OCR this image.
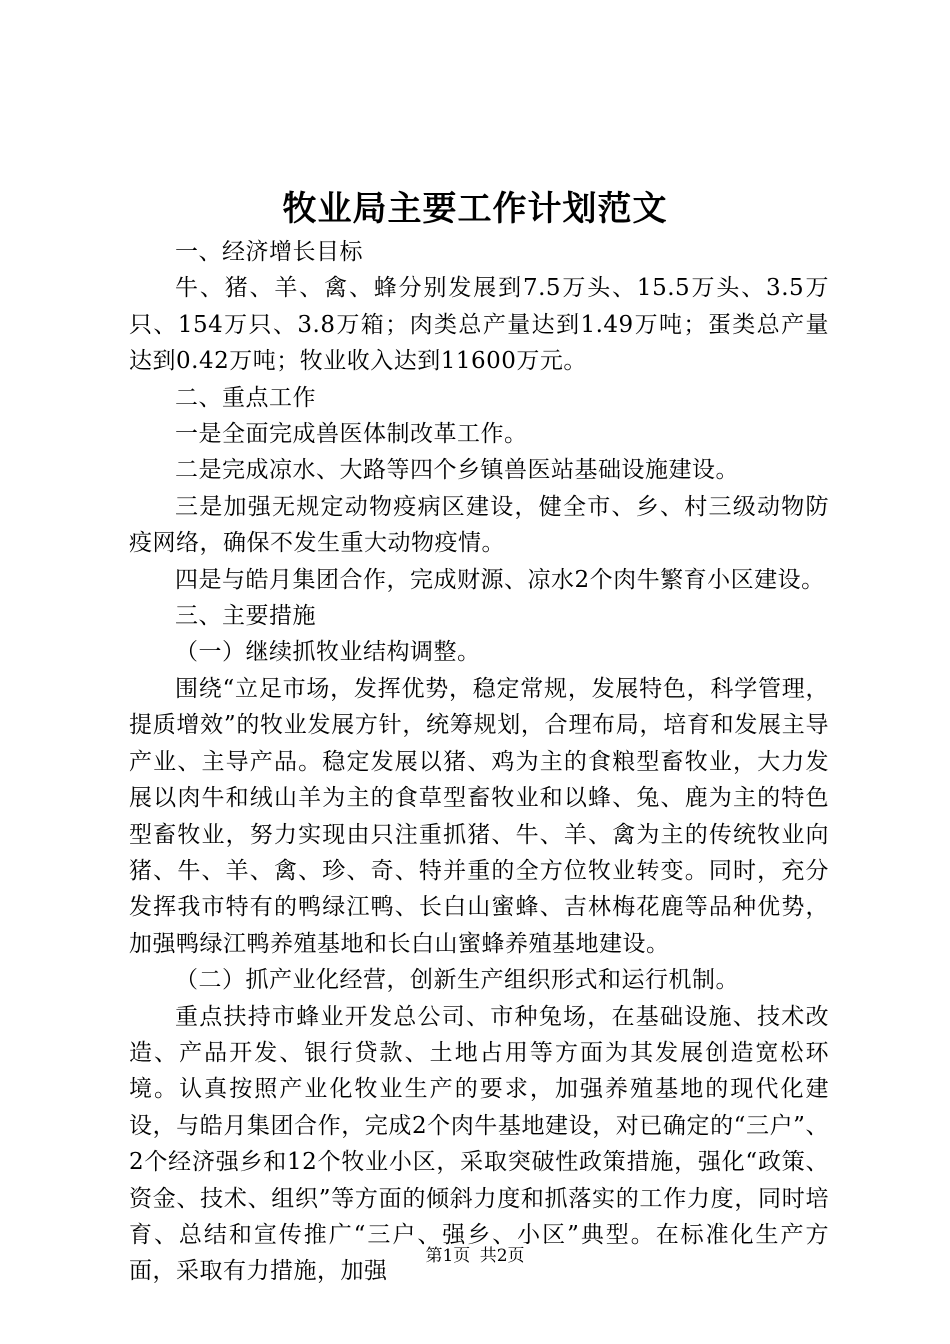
牧业局主要工作计划范文

一、经济增长目标

牛、猪、羊、禽、蜂分别发展到7.5万头、15.5万头、3.5万只、154万只、3.8万箱；肉类总产量达到1.49万吨；蛋类总产量达到0.42万吨；牧业收入达到11600万元。

二、重点工作

一是全面完成兽医体制改革工作。

二是完成凉水、大路等四个乡镇兽医站基础设施建设。

三是加强无规定动物疫病区建设，健全市、乡、村三级动物防疫网络，确保不发生重大动物疫情。

四是与皓月集团合作，完成财源、凉水2个肉牛繁育小区建设。

三、主要措施

（一）继续抓牧业结构调整。

围绕“立足市场，发挥优势，稳定常规，发展特色，科学管理，提质增效”的牧业发展方针，统筹规划，合理布局，培育和发展主导产业、主导产品。稳定发展以猪、鸡为主的食粮型畜牧业，大力发展以肉牛和绒山羊为主的食草型畜牧业和以蜂、兔、鹿为主的特色型畜牧业，努力实现由只注重抓猪、牛、羊、禽为主的传统牧业向猪、牛、羊、禽、珍、奇、特并重的全方位牧业转变。同时，充分发挥我市特有的鸭绿江鸭、长白山蜜蜂、吉林梅花鹿等品种优势，加强鸭绿江鸭养殖基地和长白山蜜蜂养殖基地建设。

（二）抓产业化经营，创新生产组织形式和运行机制。

重点扶持市蜂业开发总公司、市种兔场，在基础设施、技术改造、产品开发、银行贷款、土地占用等方面为其发展创造宽松环境。认真按照产业化牧业生产的要求，加强养殖基地的现代化建设，与皓月集团合作，完成2个肉牛基地建设，对已确定的“三户”、2个经济强乡和12个牧业小区，采取突破性政策措施，强化“政策、资金、技术、组织”等方面的倾斜力度和抓落实的工作力度，同时培育、总结和宣传推广“三户、强乡、小区”典型。在标准化生产方面，采取有力措施，加强

第1页 共2页
